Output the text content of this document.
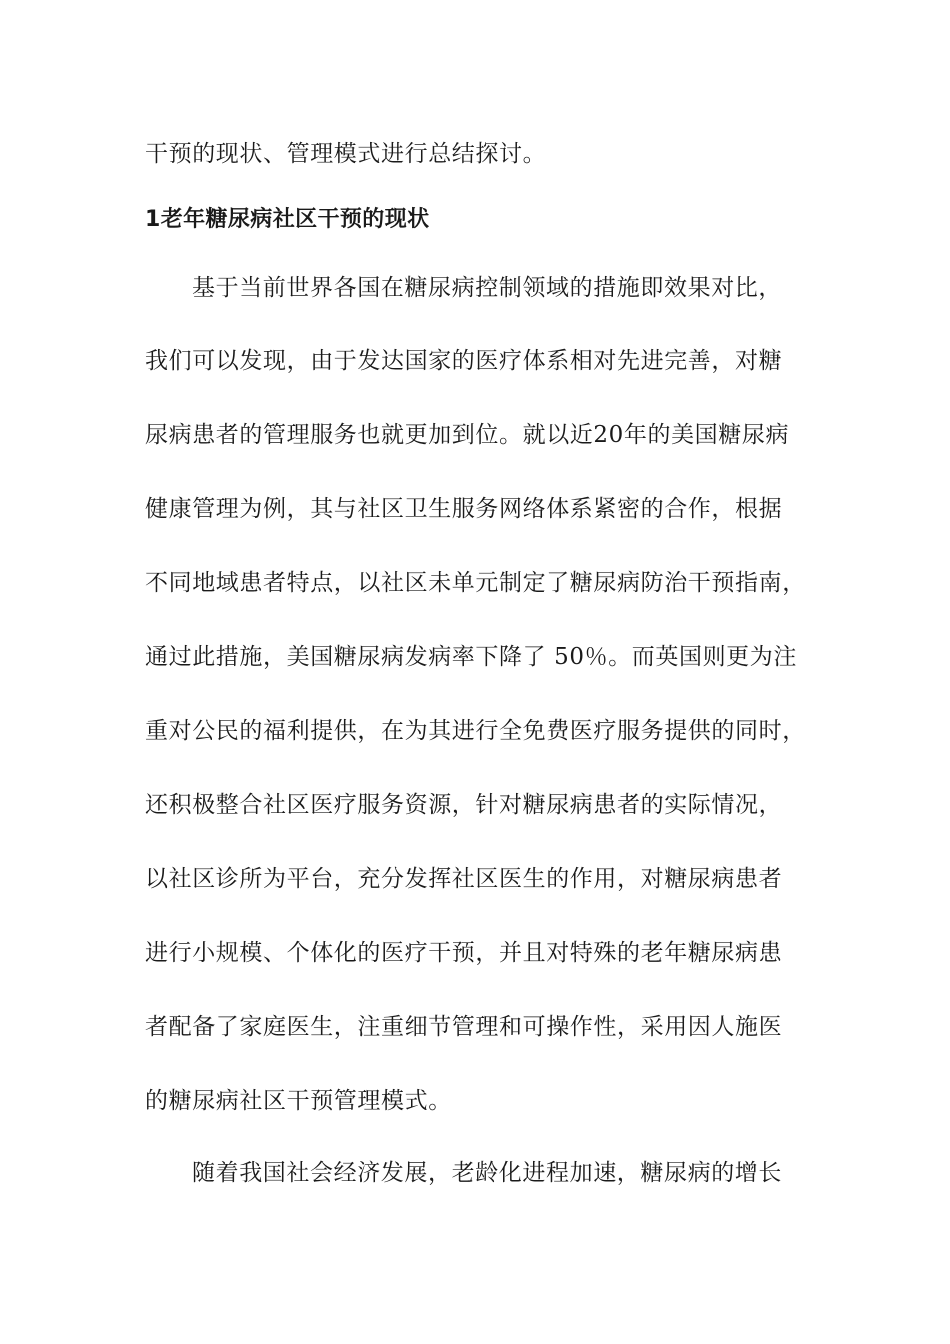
干预的现状、管理模式进行总结探讨。
1老年糖尿病社区干预的现状
基于当前世界各国在糖尿病控制领域的措施即效果对比，
我们可以发现，由于发达国家的医疗体系相对先进完善，对糖
尿病患者的管理服务也就更加到位。就以近20年的美国糖尿病
健康管理为例，其与社区卫生服务网络体系紧密的合作，根据
不同地域患者特点，以社区未单元制定了糖尿病防治干预指南，
通过此措施，美国糖尿病发病率下降了 50％。而英国则更为注
重对公民的福利提供，在为其进行全免费医疗服务提供的同时，
还积极整合社区医疗服务资源，针对糖尿病患者的实际情况，
以社区诊所为平台，充分发挥社区医生的作用，对糖尿病患者
进行小规模、个体化的医疗干预，并且对特殊的老年糖尿病患
者配备了家庭医生，注重细节管理和可操作性，采用因人施医
的糖尿病社区干预管理模式。
随着我国社会经济发展，老龄化进程加速，糖尿病的增长
